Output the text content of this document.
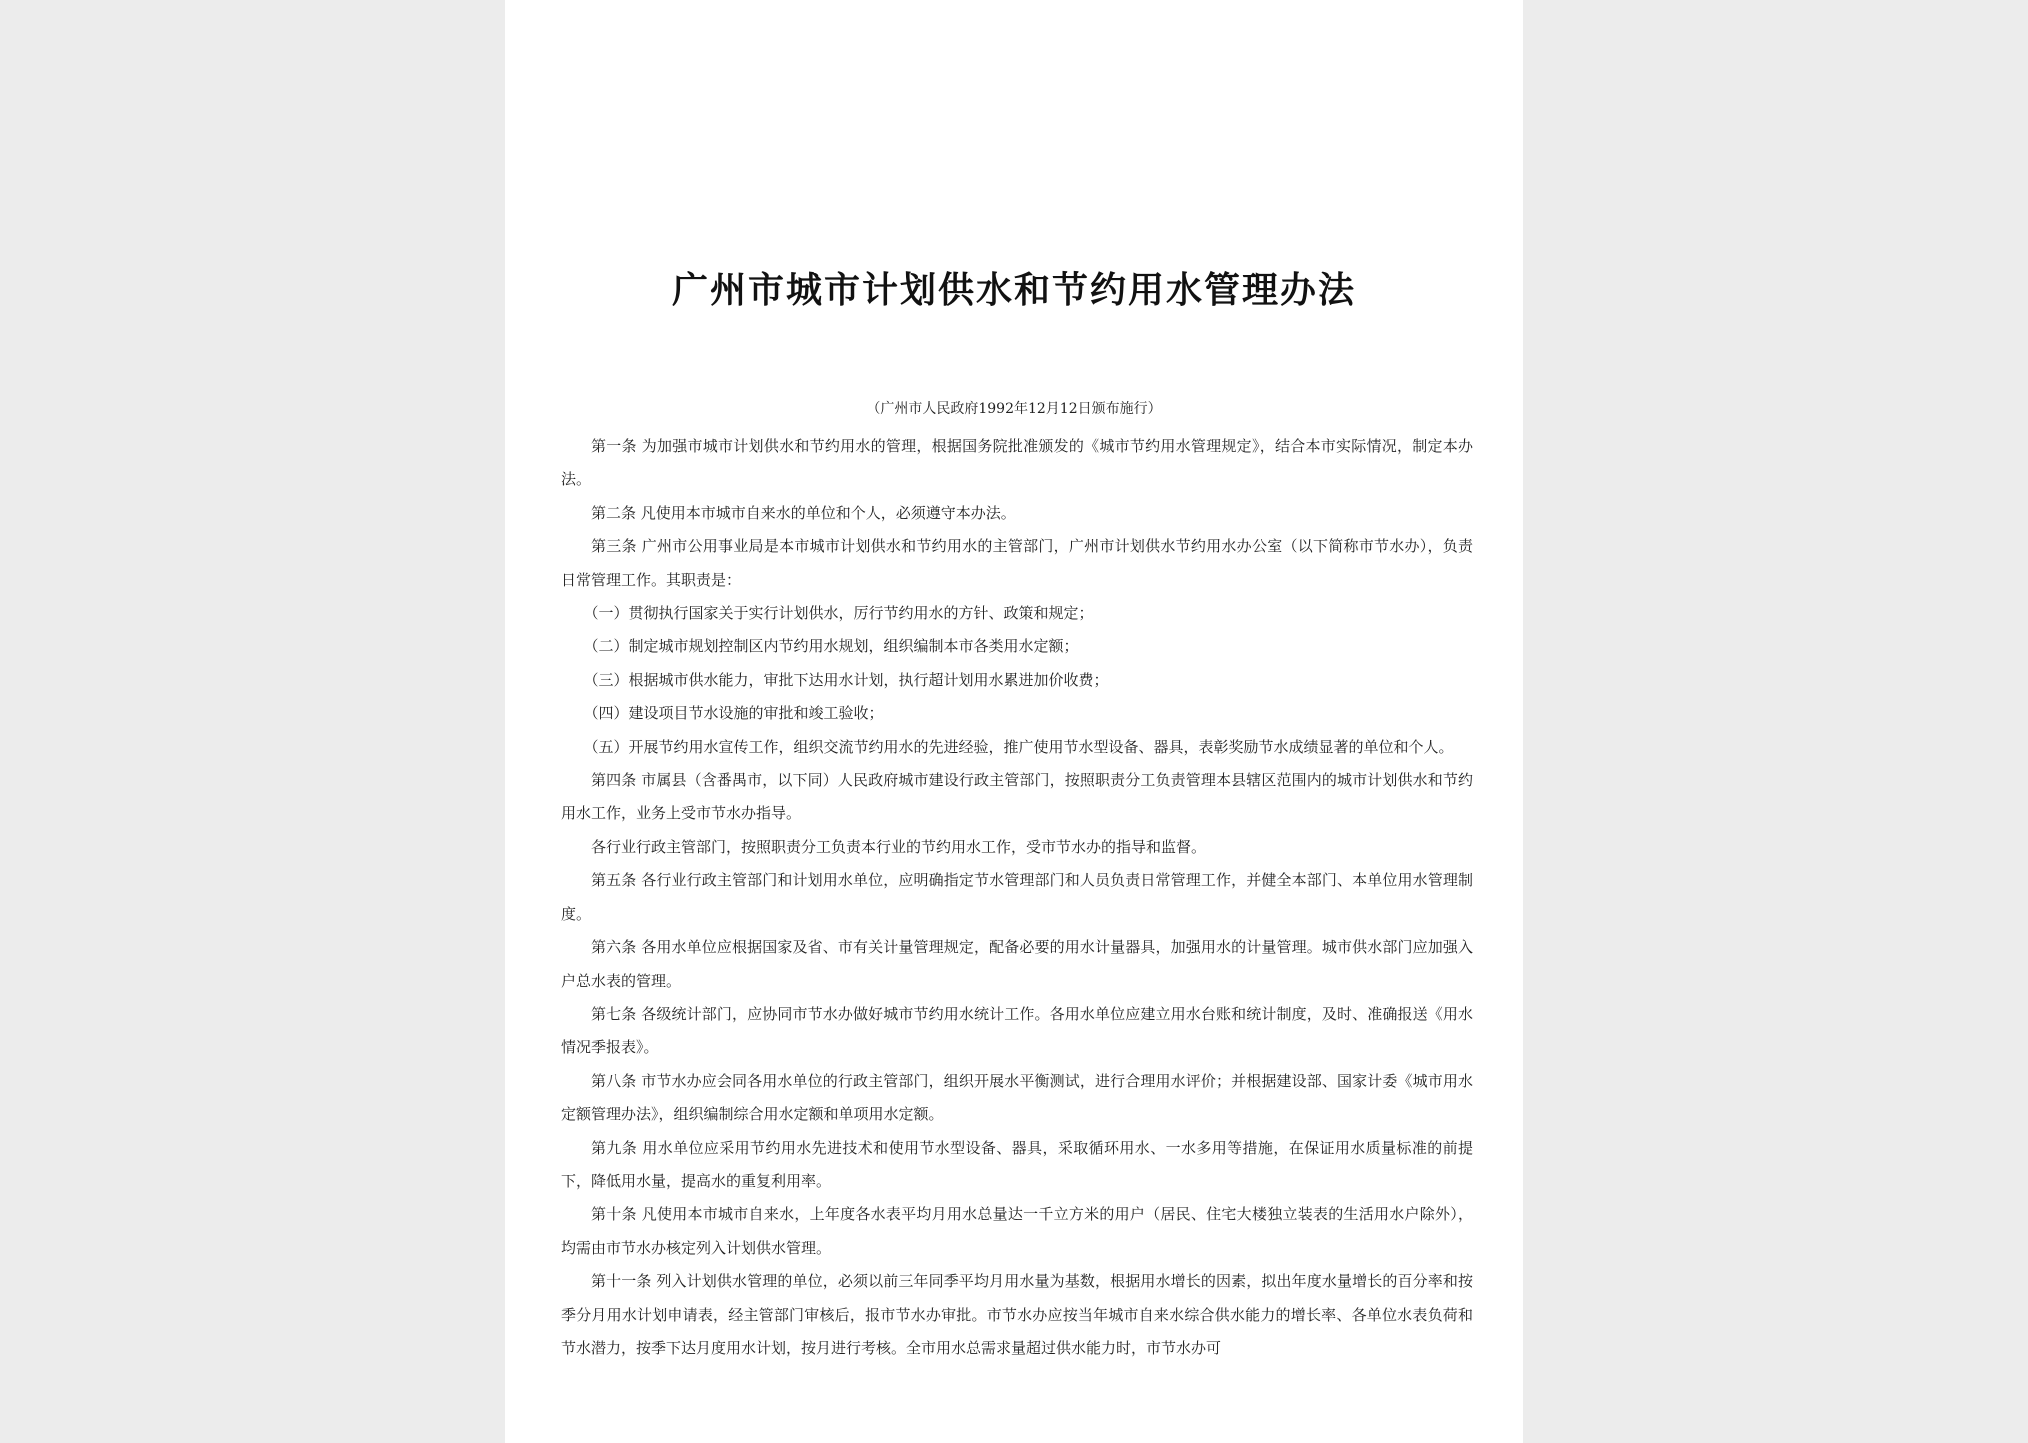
广州市城市计划供水和节约用水管理办法
（广州市人民政府1992年12月12日颁布施行）

第一条 为加强市城市计划供水和节约用水的管理，根据国务院批准颁发的《城市节约用水管理规定》，结合本市实际情况，制定本办法。

第二条 凡使用本市城市自来水的单位和个人，必须遵守本办法。

第三条 广州市公用事业局是本市城市计划供水和节约用水的主管部门，广州市计划供水节约用水办公室（以下简称市节水办），负责日常管理工作。其职责是：

（一）贯彻执行国家关于实行计划供水，厉行节约用水的方针、政策和规定；

（二）制定城市规划控制区内节约用水规划，组织编制本市各类用水定额；

（三）根据城市供水能力，审批下达用水计划，执行超计划用水累进加价收费；

（四）建设项目节水设施的审批和竣工验收；

（五）开展节约用水宣传工作，组织交流节约用水的先进经验，推广使用节水型设备、器具，表彰奖励节水成绩显著的单位和个人。

第四条 市属县（含番禺市，以下同）人民政府城市建设行政主管部门，按照职责分工负责管理本县辖区范围内的城市计划供水和节约用水工作，业务上受市节水办指导。

各行业行政主管部门，按照职责分工负责本行业的节约用水工作，受市节水办的指导和监督。

第五条 各行业行政主管部门和计划用水单位，应明确指定节水管理部门和人员负责日常管理工作，并健全本部门、本单位用水管理制度。

第六条 各用水单位应根据国家及省、市有关计量管理规定，配备必要的用水计量器具，加强用水的计量管理。城市供水部门应加强入户总水表的管理。

第七条 各级统计部门，应协同市节水办做好城市节约用水统计工作。各用水单位应建立用水台账和统计制度，及时、准确报送《用水情况季报表》。

第八条 市节水办应会同各用水单位的行政主管部门，组织开展水平衡测试，进行合理用水评价；并根据建设部、国家计委《城市用水定额管理办法》，组织编制综合用水定额和单项用水定额。

第九条 用水单位应采用节约用水先进技术和使用节水型设备、器具，采取循环用水、一水多用等措施，在保证用水质量标准的前提下，降低用水量，提高水的重复利用率。

第十条 凡使用本市城市自来水，上年度各水表平均月用水总量达一千立方米的用户（居民、住宅大楼独立装表的生活用水户除外），均需由市节水办核定列入计划供水管理。

第十一条 列入计划供水管理的单位，必须以前三年同季平均月用水量为基数，根据用水增长的因素，拟出年度水量增长的百分率和按季分月用水计划申请表，经主管部门审核后，报市节水办审批。市节水办应按当年城市自来水综合供水能力的增长率、各单位水表负荷和节水潜力，按季下达月度用水计划，按月进行考核。全市用水总需求量超过供水能力时，市节水办可
